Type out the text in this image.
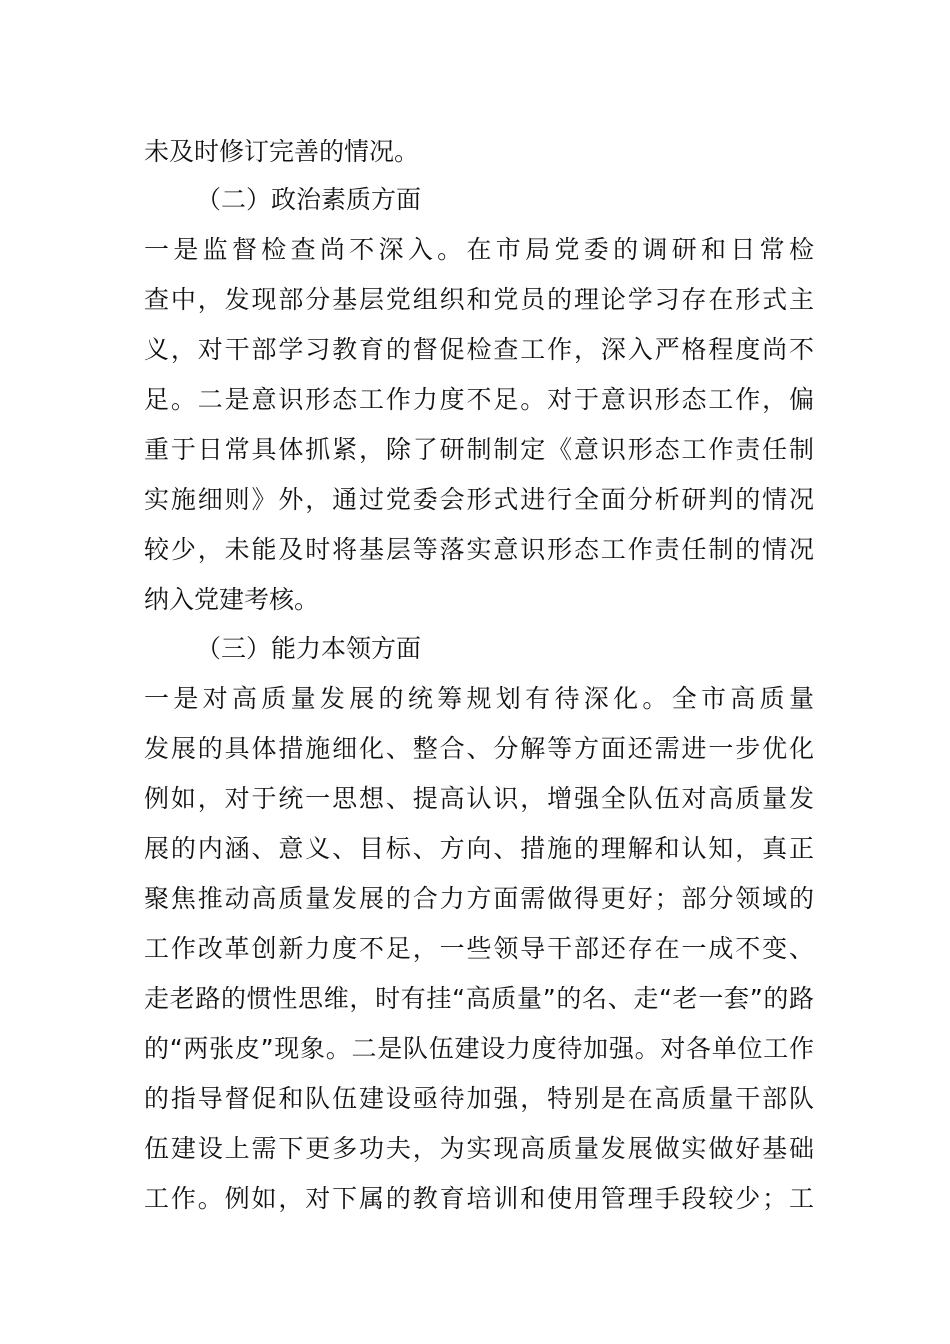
未及时修订完善的情况。
（二）政治素质方面
一是监督检查尚不深入。在市局党委的调研和日常检
查中，发现部分基层党组织和党员的理论学习存在形式主
义，对干部学习教育的督促检查工作，深入严格程度尚不
足。二是意识形态工作力度不足。对于意识形态工作，偏
重于日常具体抓紧，除了研制制定《意识形态工作责任制
实施细则》外，通过党委会形式进行全面分析研判的情况
较少，未能及时将基层等落实意识形态工作责任制的情况
纳入党建考核。
（三）能力本领方面
一是对高质量发展的统筹规划有待深化。全市高质量
发展的具体措施细化、整合、分解等方面还需进一步优化
例如，对于统一思想、提高认识，增强全队伍对高质量发
展的内涵、意义、目标、方向、措施的理解和认知，真正
聚焦推动高质量发展的合力方面需做得更好；部分领域的
工作改革创新力度不足，一些领导干部还存在一成不变、
走老路的惯性思维，时有挂“高质量”的名、走“老一套”的路
的“两张皮”现象。二是队伍建设力度待加强。对各单位工作
的指导督促和队伍建设亟待加强，特别是在高质量干部队
伍建设上需下更多功夫，为实现高质量发展做实做好基础
工作。例如，对下属的教育培训和使用管理手段较少；工
